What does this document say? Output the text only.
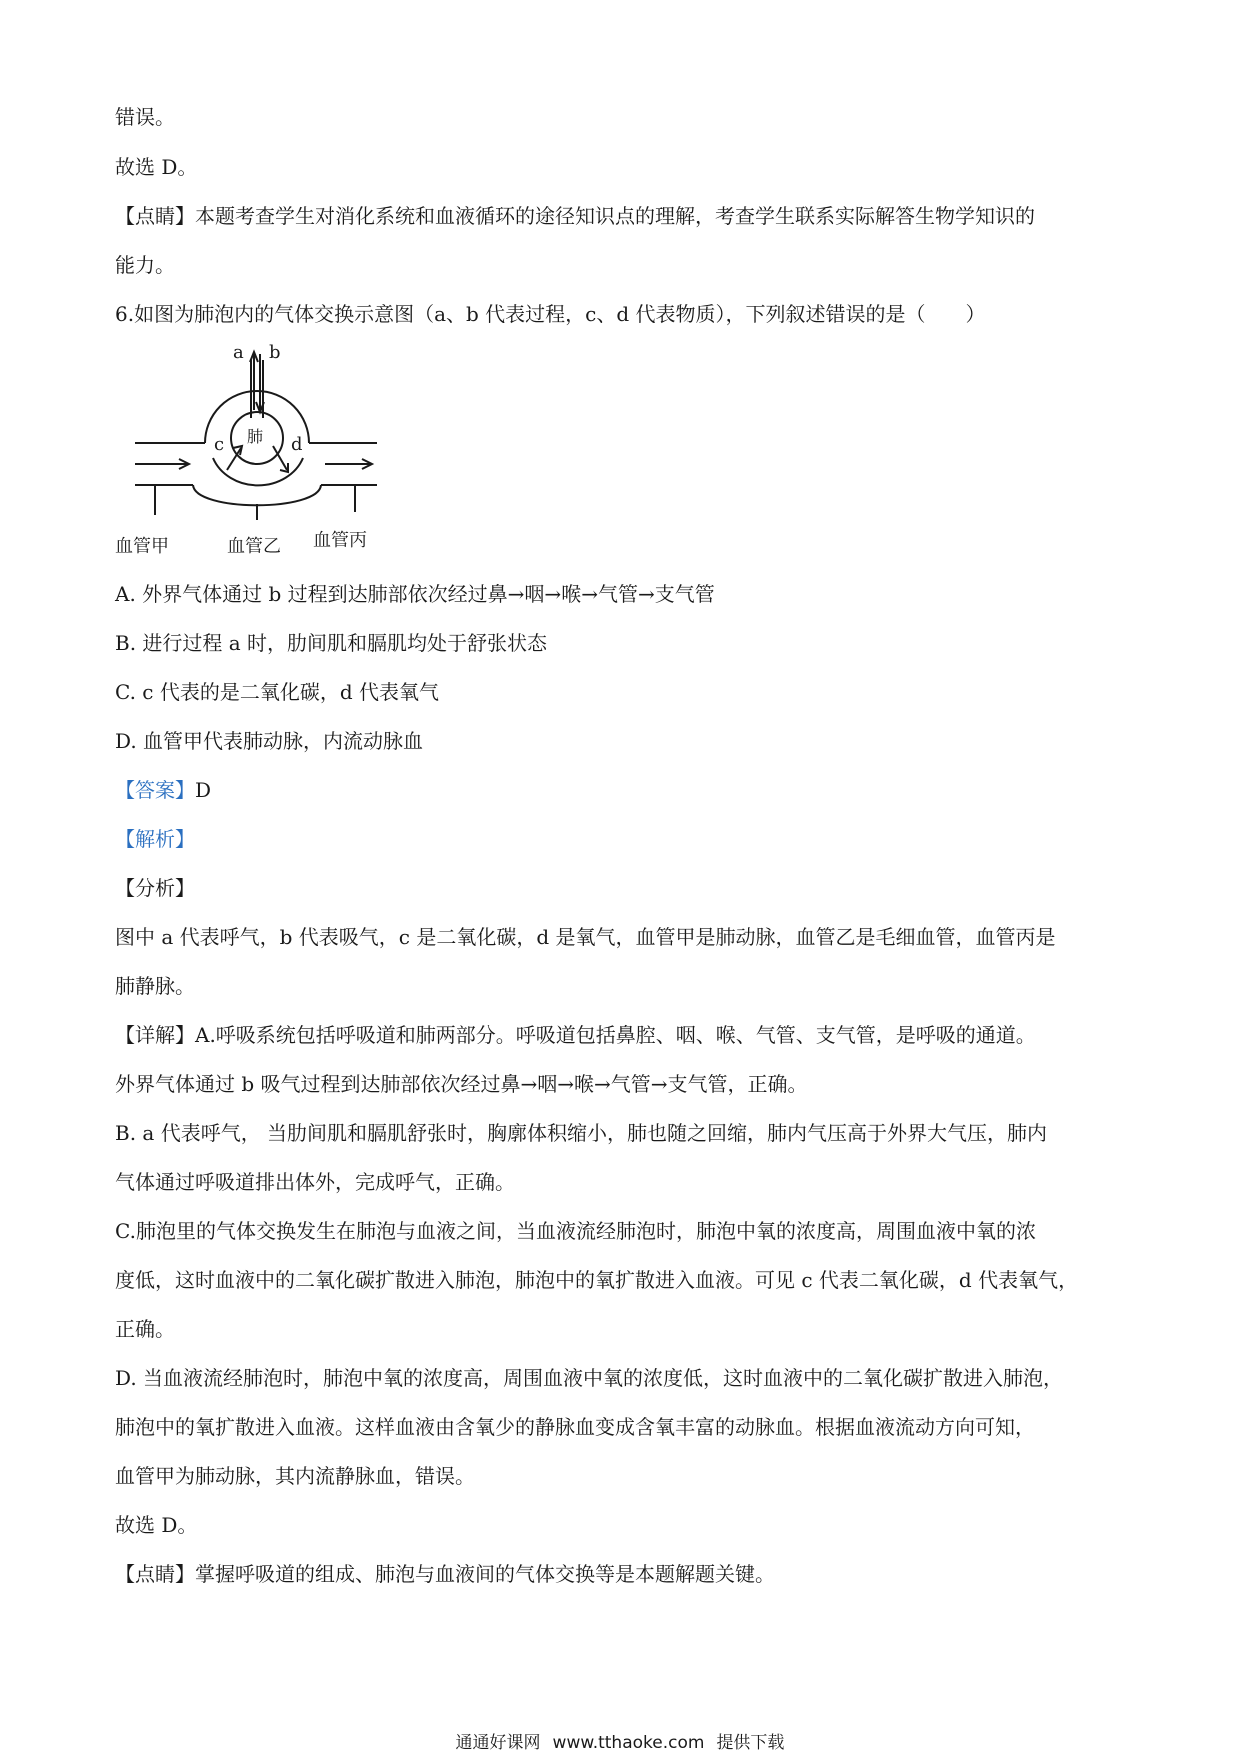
错误。
故选 D。
【点睛】本题考查学生对消化系统和血液循环的途径知识点的理解，考查学生联系实际解答生物学知识的
能力。
6.如图为肺泡内的气体交换示意图（a、b 代表过程，c、d 代表物质），下列叙述错误的是（　　）
a b
c	d
肺
血管甲	血管乙 血管丙
A. 外界气体通过 b 过程到达肺部依次经过鼻→咽→喉→气管→支气管
B. 进行过程 a 时，肋间肌和膈肌均处于舒张状态
C. c 代表的是二氧化碳，d 代表氧气
D. 血管甲代表肺动脉，内流动脉血
【答案】D
【解析】
【分析】
图中 a 代表呼气，b 代表吸气，c 是二氧化碳，d 是氧气，血管甲是肺动脉，血管乙是毛细血管，血管丙是
肺静脉。
【详解】A.呼吸系统包括呼吸道和肺两部分。呼吸道包括鼻腔、咽、喉、气管、支气管，是呼吸的通道。
外界气体通过 b 吸气过程到达肺部依次经过鼻→咽→喉→气管→支气管，正确。
B. a 代表呼气， 当肋间肌和膈肌舒张时，胸廓体积缩小，肺也随之回缩，肺内气压高于外界大气压，肺内
气体通过呼吸道排出体外，完成呼气，正确。
C.肺泡里的气体交换发生在肺泡与血液之间，当血液流经肺泡时，肺泡中氧的浓度高，周围血液中氧的浓
度低，这时血液中的二氧化碳扩散进入肺泡，肺泡中的氧扩散进入血液。可见 c 代表二氧化碳，d 代表氧气，
正确。
D. 当血液流经肺泡时，肺泡中氧的浓度高，周围血液中氧的浓度低，这时血液中的二氧化碳扩散进入肺泡，
肺泡中的氧扩散进入血液。这样血液由含氧少的静脉血变成含氧丰富的动脉血。根据血液流动方向可知，
血管甲为肺动脉，其内流静脉血，错误。
故选 D。
【点睛】掌握呼吸道的组成、肺泡与血液间的气体交换等是本题解题关键。
通通好课网 www.tthaoke.com 提供下载
